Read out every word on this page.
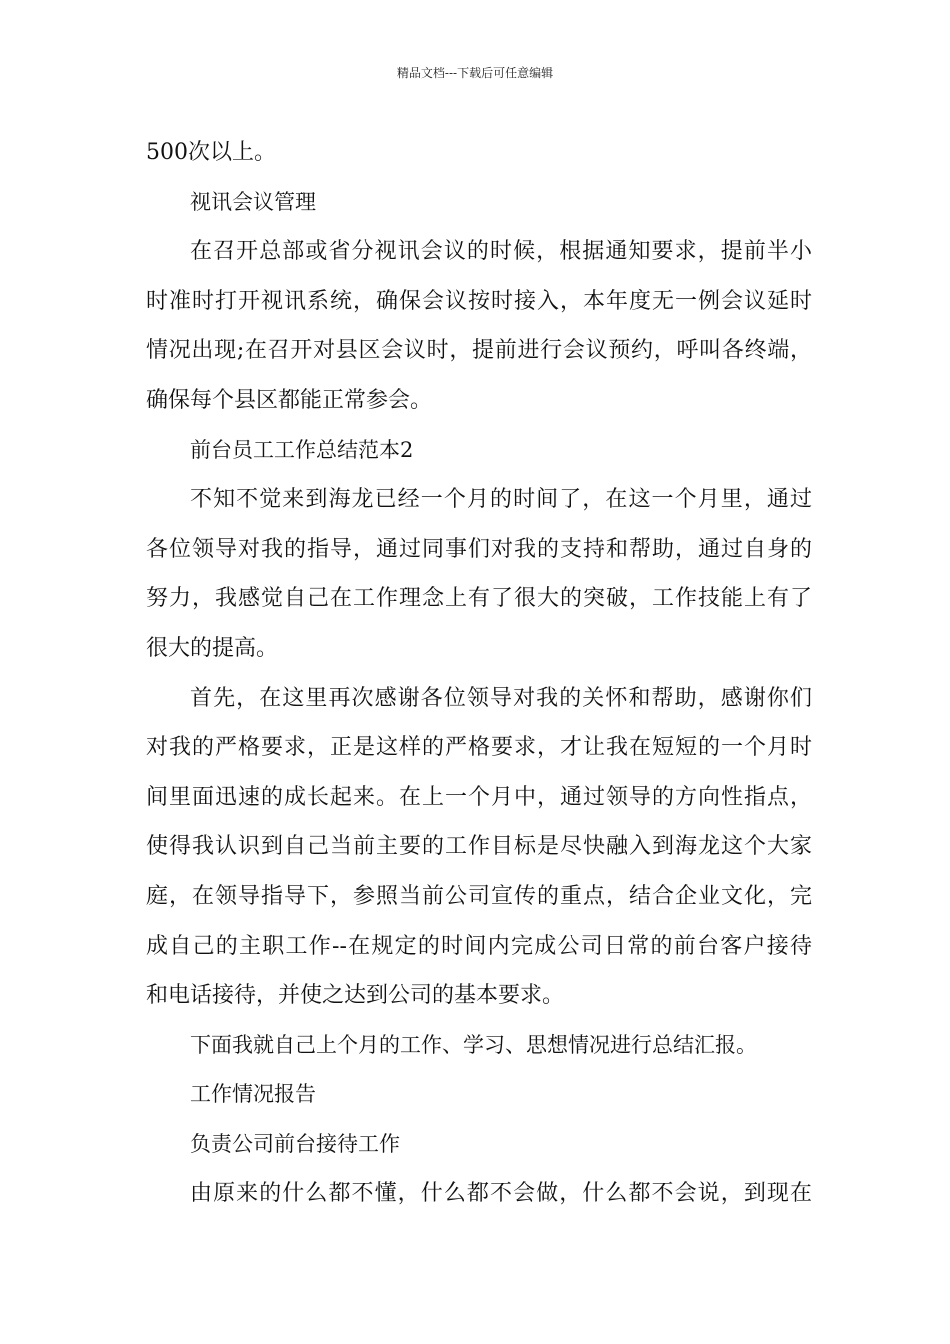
精品文档---下载后可任意编辑
500次以上。
视讯会议管理
在召开总部或省分视讯会议的时候，根据通知要求，提前半小
时准时打开视讯系统，确保会议按时接入，本年度无一例会议延时
情况出现;在召开对县区会议时，提前进行会议预约，呼叫各终端，
确保每个县区都能正常参会。
前台员工工作总结范本2
不知不觉来到海龙已经一个月的时间了，在这一个月里，通过
各位领导对我的指导，通过同事们对我的支持和帮助，通过自身的
努力，我感觉自己在工作理念上有了很大的突破，工作技能上有了
很大的提高。
首先，在这里再次感谢各位领导对我的关怀和帮助，感谢你们
对我的严格要求，正是这样的严格要求，才让我在短短的一个月时
间里面迅速的成长起来。在上一个月中，通过领导的方向性指点，
使得我认识到自己当前主要的工作目标是尽快融入到海龙这个大家
庭，在领导指导下，参照当前公司宣传的重点，结合企业文化，完
成自己的主职工作--在规定的时间内完成公司日常的前台客户接待
和电话接待，并使之达到公司的基本要求。
下面我就自己上个月的工作、学习、思想情况进行总结汇报。
工作情况报告
负责公司前台接待工作
由原来的什么都不懂，什么都不会做，什么都不会说，到现在
